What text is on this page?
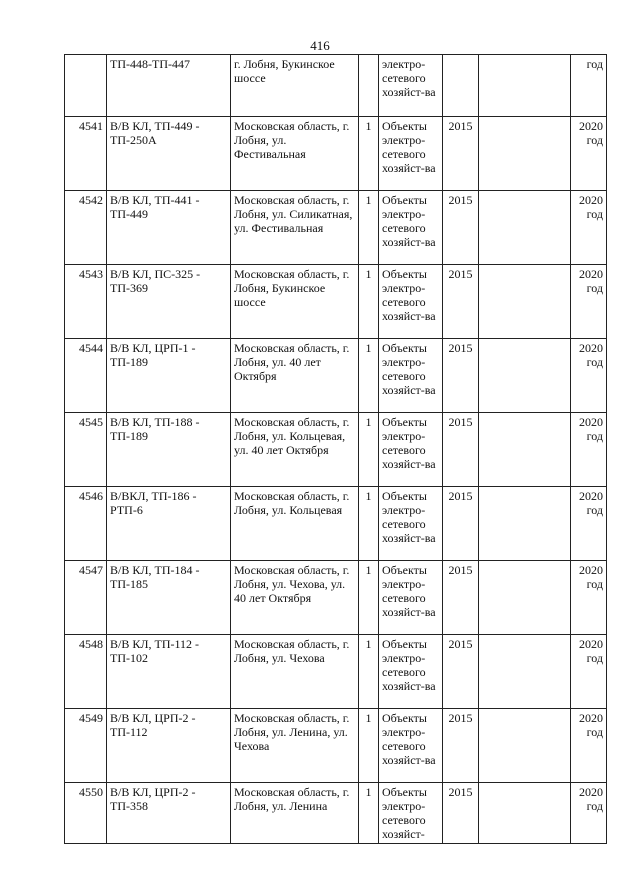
416
	ТП-448-ТП-447	г. Лобня, Букинское шоссе		электро-сетевого хозяйст-ва			год
4541	В/В КЛ, ТП-449 - ТП-250А	Московская область, г. Лобня, ул. Фестивальная	1	Объекты электро-сетевого хозяйст-ва	2015		2020 год
4542	В/В КЛ, ТП-441 - ТП-449	Московская область, г. Лобня, ул. Силикатная, ул. Фестивальная	1	Объекты электро-сетевого хозяйст-ва	2015		2020 год
4543	В/В КЛ, ПС-325 - ТП-369	Московская область, г. Лобня, Букинское шоссе	1	Объекты электро-сетевого хозяйст-ва	2015		2020 год
4544	В/В КЛ, ЦРП-1 - ТП-189	Московская область, г. Лобня, ул. 40 лет Октября	1	Объекты электро-сетевого хозяйст-ва	2015		2020 год
4545	В/В КЛ, ТП-188 - ТП-189	Московская область, г. Лобня, ул. Кольцевая, ул. 40 лет Октября	1	Объекты электро-сетевого хозяйст-ва	2015		2020 год
4546	В/ВКЛ, ТП-186 - РТП-6	Московская область, г. Лобня, ул. Кольцевая	1	Объекты электро-сетевого хозяйст-ва	2015		2020 год
4547	В/В КЛ, ТП-184 - ТП-185	Московская область, г. Лобня, ул. Чехова, ул. 40 лет Октября	1	Объекты электро-сетевого хозяйст-ва	2015		2020 год
4548	В/В КЛ, ТП-112 - ТП-102	Московская область, г. Лобня, ул. Чехова	1	Объекты электро-сетевого хозяйст-ва	2015		2020 год
4549	В/В КЛ, ЦРП-2 - ТП-112	Московская область, г. Лобня, ул. Ленина, ул. Чехова	1	Объекты электро-сетевого хозяйст-ва	2015		2020 год
4550	В/В КЛ, ЦРП-2 - ТП-358	Московская область, г. Лобня, ул. Ленина	1	Объекты электро-сетевого хозяйст-	2015		2020 год
